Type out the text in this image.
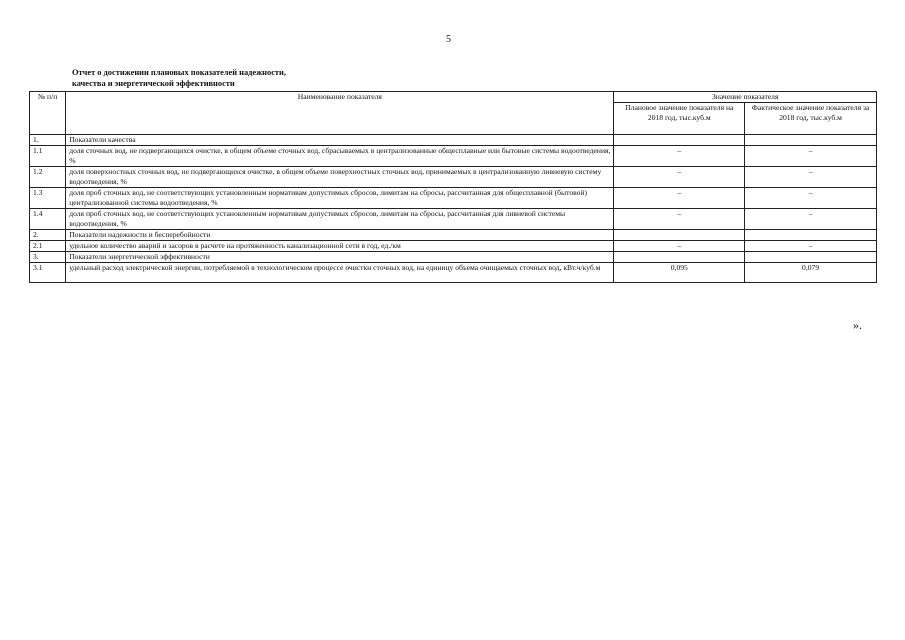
5
Отчет о достижении плановых показателей надежности,
качества и энергетической эффективности
№ п/п	Наименование показателя	Значение показателя	
		Плановое значение показателя на 2018 год, тыс.куб.м	Фактическое значение показателя за 2018 год, тыс.куб.м
1.	Показатели качества		
1.1	доля сточных вод, не подвергающихся очистке, в общем объеме сточных вод, сбрасываемых в централизованные общесплавные или бытовые системы водоотведения, %	–	–
1.2	доля поверхностных сточных вод, не подвергающихся очистке, в общем объеме поверхностных сточных вод, принимаемых в централизованную ливневую систему водоотведения, %	–	–
1.3	доля проб сточных вод, не соответствующих установленным нормативам допустимых сбросов, лимитам на сбросы, рассчитанная для общесплавной (бытовой) централизованной системы водоотведения, %	–	–
1.4	доля проб сточных вод, не соответствующих установленным нормативам допустимых сбросов, лимитам на сбросы, рассчитанная для ливневой системы водоотведения, %	–	–
2.	Показатели надежности и бесперебойности		
2.1	удельное количество аварий и засоров в расчете на протяженность канализационной сети в год, ед./км	–	–
3.	Показатели энергетической эффективности		
3.1	удельный расход электрической энергии, потребляемой в технологическом процессе очистки сточных вод, на единицу объема очищаемых сточных вод, кВт.ч/куб.м	0,095	0,079
».
